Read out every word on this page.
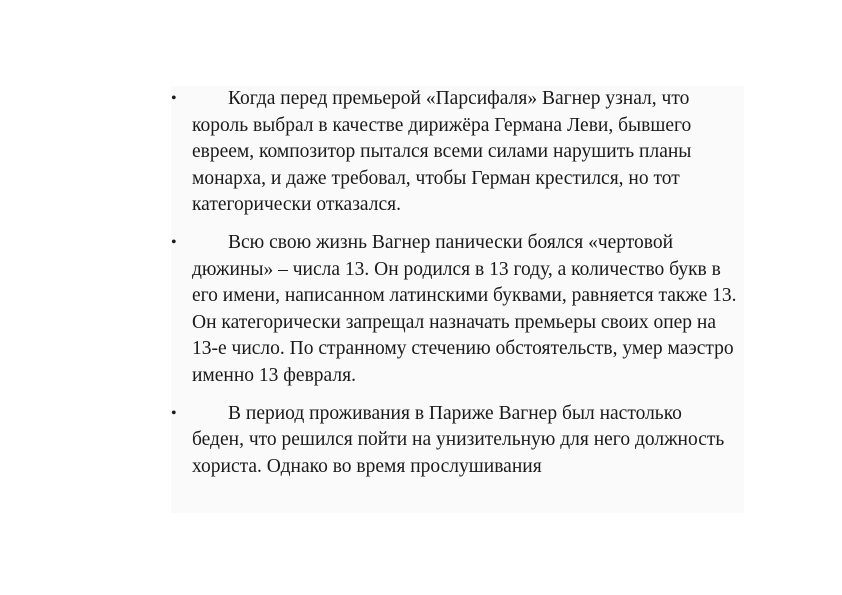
•	Когда перед премьерой «Парсифаля» Вагнер узнал, что король выбрал в качестве дирижёра Германа Леви, бывшего евреем, композитор пытался всеми силами нарушить планы монарха, и даже требовал, чтобы Герман крестился, но тот категорически отказался.
•	Всю свою жизнь Вагнер панически боялся «чертовой дюжины» – числа 13. Он родился в 13 году, а количество букв в его имени, написанном латинскими буквами, равняется также 13. Он категорически запрещал назначать премьеры своих опер на 13-е число. По странному стечению обстоятельств, умер маэстро именно 13 февраля.
•	В период проживания в Париже Вагнер был настолько беден, что решился пойти на унизительную для него должность хориста. Однако во время прослушивания
